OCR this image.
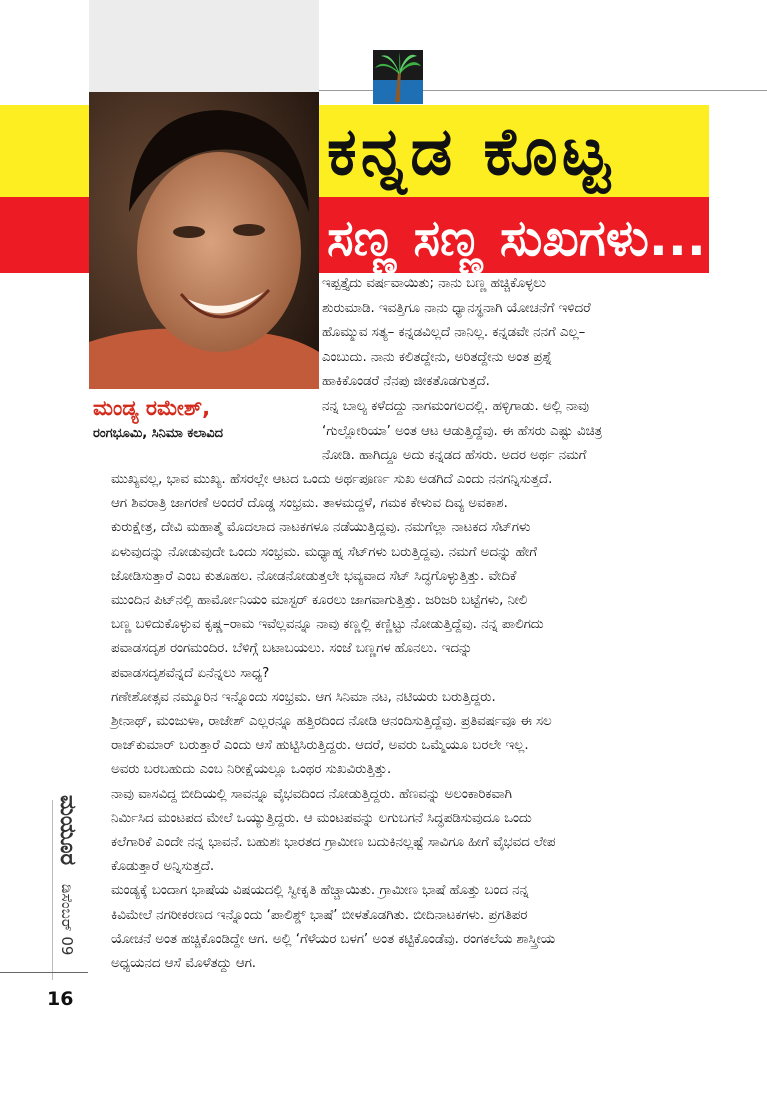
ಕನ್ನಡ ಕೊಟ್ಟ
ಸಣ್ಣ ಸಣ್ಣ ಸುಖಗಳು...
ಮಂಡ್ಯ ರಮೇಶ್,
ರಂಗಭೂಮಿ, ಸಿನಿಮಾ ಕಲಾವಿದ
ಇಪ್ಪತ್ತೈದು ವರ್ಷವಾಯಿತು; ನಾನು ಬಣ್ಣ ಹಚ್ಚಿಕೊಳ್ಳಲು
ಶುರುಮಾಡಿ. ಇವತ್ತಿಗೂ ನಾನು ಧ್ಯಾನಸ್ಥನಾಗಿ ಯೋಚನೆಗೆ ಇಳಿದರೆ
ಹೊಮ್ಮುವ ಸತ್ಯ– ಕನ್ನಡವಿಲ್ಲದೆ ನಾನಿಲ್ಲ. ಕನ್ನಡವೇ ನನಗೆ ಎಲ್ಲ–
ಎಂಬುದು. ನಾನು ಕಲಿತದ್ದೇನು, ಅರಿತದ್ದೇನು ಅಂತ ಪ್ರಶ್ನೆ
ಹಾಕಿಕೊಂಡರೆ ನೆನಪು ಜೀಕತೊಡಗುತ್ತದೆ.
ನನ್ನ ಬಾಲ್ಯ ಕಳೆದದ್ದು ನಾಗಮಂಗಲದಲ್ಲಿ. ಹಳ್ಳಿಗಾಡು. ಅಲ್ಲಿ ನಾವು
‘ಗುಲ್ಲೋರಿಯಾ’ ಅಂತ ಆಟ ಆಡುತ್ತಿದ್ದೆವು. ಈ ಹೆಸರು ಎಷ್ಟು ವಿಚಿತ್ರ
ನೋಡಿ. ಹಾಗಿದ್ದೂ ಅದು ಕನ್ನಡದ ಹೆಸರು. ಅದರ ಅರ್ಥ ನಮಗೆ
ಮುಖ್ಯವಲ್ಲ, ಭಾವ ಮುಖ್ಯ. ಹೆಸರಲ್ಲೇ ಆಟದ ಒಂದು ಅರ್ಥಪೂರ್ಣ ಸುಖ ಅಡಗಿದೆ ಎಂದು ನನಗನ್ನಿಸುತ್ತದೆ.
ಆಗ ಶಿವರಾತ್ರಿ ಜಾಗರಣೆ ಅಂದರೆ ದೊಡ್ಡ ಸಂಭ್ರಮ. ತಾಳಮದ್ದಳೆ, ಗಮಕ ಕೇಳುವ ದಿವ್ಯ ಅವಕಾಶ.
ಕುರುಕ್ಷೇತ್ರ, ದೇವಿ ಮಹಾತ್ಮೆ ಮೊದಲಾದ ನಾಟಕಗಳೂ ನಡೆಯುತ್ತಿದ್ದವು. ನಮಗೆಲ್ಲಾ ನಾಟಕದ ಸೆಟ್‌ಗಳು
ಏಳುವುದನ್ನು ನೋಡುವುದೇ ಒಂದು ಸಂಭ್ರಮ. ಮಧ್ಯಾಹ್ನ ಸೆಟ್‌ಗಳು ಬರುತ್ತಿದ್ದವು. ನಮಗೆ ಅದನ್ನು ಹೇಗೆ
ಜೋಡಿಸುತ್ತಾರೆ ಎಂಬ ಕುತೂಹಲ. ನೋಡನೋಡುತ್ತಲೇ ಭವ್ಯವಾದ ಸೆಟ್ ಸಿದ್ಧಗೊಳ್ಳುತ್ತಿತ್ತು. ವೇದಿಕೆ
ಮುಂದಿನ ಪಿಟ್‌ನಲ್ಲಿ ಹಾರ್ಮೋನಿಯಂ ಮಾಸ್ಟರ್ ಕೂರಲು ಜಾಗವಾಗುತ್ತಿತ್ತು. ಜರಿಜರಿ ಬಟ್ಟೆಗಳು, ನೀಲಿ
ಬಣ್ಣ ಬಳಿದುಕೊಳ್ಳುವ ಕೃಷ್ಣ–ರಾಮ ಇವೆಲ್ಲವನ್ನೂ ನಾವು ಕಣ್ಣಲ್ಲಿ ಕಣ್ಣಿಟ್ಟು ನೋಡುತ್ತಿದ್ದೆವು. ನನ್ನ ಪಾಲಿಗದು
ಪವಾಡಸದೃಶ ರಂಗಮಂದಿರ. ಬೆಳಿಗ್ಗೆ ಬಟಾಬಯಲು. ಸಂಜೆ ಬಣ್ಣಗಳ ಹೊನಲು. ಇದನ್ನು
ಪವಾಡಸದೃಶವೆನ್ನದೆ ಏನೆನ್ನಲು ಸಾಧ್ಯ?
ಗಣೇಶೋತ್ಸವ ನಮ್ಮೂರಿನ ಇನ್ನೊಂದು ಸಂಭ್ರಮ. ಆಗ ಸಿನಿಮಾ ನಟ, ನಟಿಯರು ಬರುತ್ತಿದ್ದರು.
ಶ್ರೀನಾಥ್, ಮಂಜುಳಾ, ರಾಜೇಶ್ ಎಲ್ಲರನ್ನೂ ಹತ್ತಿರದಿಂದ ನೋಡಿ ಆನಂದಿಸುತ್ತಿದ್ದೆವು. ಪ್ರತಿವರ್ಷವೂ ಈ ಸಲ
ರಾಜ್‌ಕುಮಾರ್ ಬರುತ್ತಾರೆ ಎಂದು ಆಸೆ ಹುಟ್ಟಿಸಿರುತ್ತಿದ್ದರು. ಆದರೆ, ಅವರು ಒಮ್ಮೆಯೂ ಬರಲೇ ಇಲ್ಲ.
ಅವರು ಬರಬಹುದು ಎಂಬ ನಿರೀಕ್ಷೆಯಲ್ಲೂ ಒಂಥರ ಸುಖವಿರುತ್ತಿತ್ತು.
ನಾವು ವಾಸವಿದ್ದ ಬೀದಿಯಲ್ಲಿ ಸಾವನ್ನೂ ವೈಭವದಿಂದ ನೋಡುತ್ತಿದ್ದರು. ಹೆಣವನ್ನು ಅಲಂಕಾರಿಕವಾಗಿ
ನಿರ್ಮಿಸಿದ ಮಂಟಪದ ಮೇಲೆ ಒಯ್ಯುತ್ತಿದ್ದರು. ಆ ಮಂಟಪವನ್ನು ಲಗುಬಗನೆ ಸಿದ್ಧಪಡಿಸುವುದೂ ಒಂದು
ಕಲೆಗಾರಿಕೆ ಎಂದೇ ನನ್ನ ಭಾವನೆ. ಬಹುಶಃ ಭಾರತದ ಗ್ರಾಮೀಣ ಬದುಕಿನಲ್ಲಷ್ಟೆ ಸಾವಿಗೂ ಹೀಗೆ ವೈಭವದ ಲೇಪ
ಕೊಡುತ್ತಾರೆ ಅನ್ನಿಸುತ್ತದೆ.
ಮಂಡ್ಯಕ್ಕೆ ಬಂದಾಗ ಭಾಷೆಯ ವಿಷಯದಲ್ಲಿ ಸ್ವೀಕೃತಿ ಹೆಚ್ಚಾಯಿತು. ಗ್ರಾಮೀಣ ಭಾಷೆ ಹೊತ್ತು ಬಂದ ನನ್ನ
ಕಿವಿಮೇಲೆ ನಗರೀಕರಣದ ಇನ್ನೊಂದು ‘ಪಾಲಿಶ್ಡ್ ಭಾಷೆ’ ಬೀಳತೊಡಗಿತು. ಬೀದಿನಾಟಕಗಳು. ಪ್ರಗತಿಪರ
ಯೋಚನೆ ಅಂತ ಹಚ್ಚಿಕೊಂಡಿದ್ದೇ ಆಗ. ಅಲ್ಲಿ ‘ಗೆಳೆಯರ ಬಳಗ’ ಅಂತ ಕಟ್ಟಿಕೊಂಡೆವು. ರಂಗಕಲೆಯ ಶಾಸ್ತ್ರೀಯ
ಅಧ್ಯಯನದ ಆಸೆ ಮೊಳೆತದ್ದು ಆಗ.
ಮಯೂರ
ಡಿಸೆಂಬರ್ 09
16
